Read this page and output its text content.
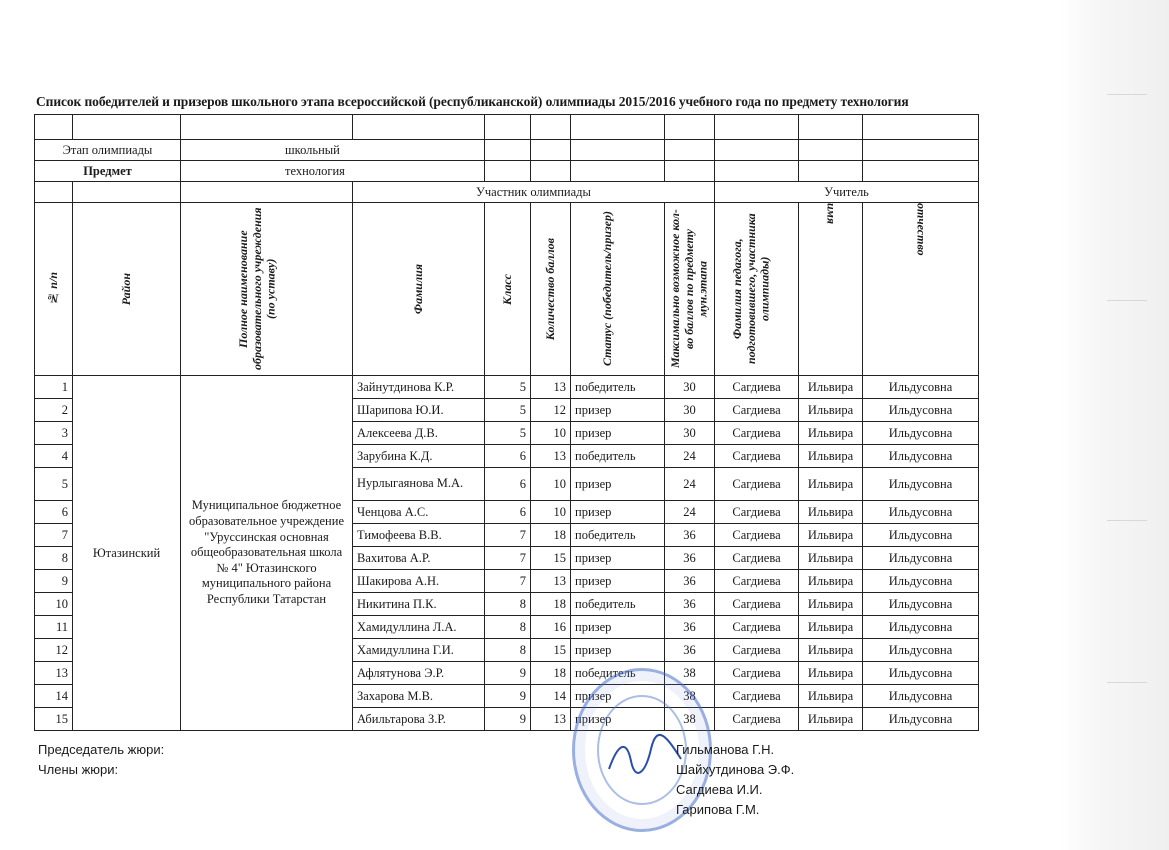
Список победителей и призеров школьного этапа всероссийской (республиканской) олимпиады 2015/2016 учебного года по предмету технология

Этап олимпиады		школьный								
Предмет		технология								
			Участник олимпиады					Учитель		

№ п/п	Район	Полное наименование образовательного учреждения (по уставу)	Фамилия	Класс	Количество баллов	Статус (победитель/призер)	Максимально возможное кол-во баллов по предмету мун.этапа	Фамилия педагога, подготовившего, участника олимпиады)	имя	отчество

1	Ютазинский	Муниципальное бюджетное образовательное учреждение "Уруссинская основная общеобразовательная школа № 4" Ютазинского муниципального района Республики Татарстан	Зайнутдинова К.Р.	5	13	победитель	30	Сагдиева	Ильвира	Ильдусовна
2			Шарипова Ю.И.	5	12	призер	30	Сагдиева	Ильвира	Ильдусовна
3			Алексеева Д.В.	5	10	призер	30	Сагдиева	Ильвира	Ильдусовна
4			Зарубина К.Д.	6	13	победитель	24	Сагдиева	Ильвира	Ильдусовна
5			Нурлыгаянова М.А.	6	10	призер	24	Сагдиева	Ильвира	Ильдусовна
6			Ченцова А.С.	6	10	призер	24	Сагдиева	Ильвира	Ильдусовна
7			Тимофеева В.В.	7	18	победитель	36	Сагдиева	Ильвира	Ильдусовна
8			Вахитова А.Р.	7	15	призер	36	Сагдиева	Ильвира	Ильдусовна
9			Шакирова А.Н.	7	13	призер	36	Сагдиева	Ильвира	Ильдусовна
10			Никитина П.К.	8	18	победитель	36	Сагдиева	Ильвира	Ильдусовна
11			Хамидуллина Л.А.	8	16	призер	36	Сагдиева	Ильвира	Ильдусовна
12			Хамидуллина Г.И.	8	15	призер	36	Сагдиева	Ильвира	Ильдусовна
13			Афлятунова Э.Р.	9	18	победитель	38	Сагдиева	Ильвира	Ильдусовна
14			Захарова М.В.	9	14	призер	38	Сагдиева	Ильвира	Ильдусовна
15			Абильтарова З.Р.	9	13	призер	38	Сагдиева	Ильвира	Ильдусовна
Председатель жюри:
Члены жюри:
Гильманова Г.Н.
Шайхутдинова Э.Ф.
Сагдиева И.И.
Гарипова Г.М.
